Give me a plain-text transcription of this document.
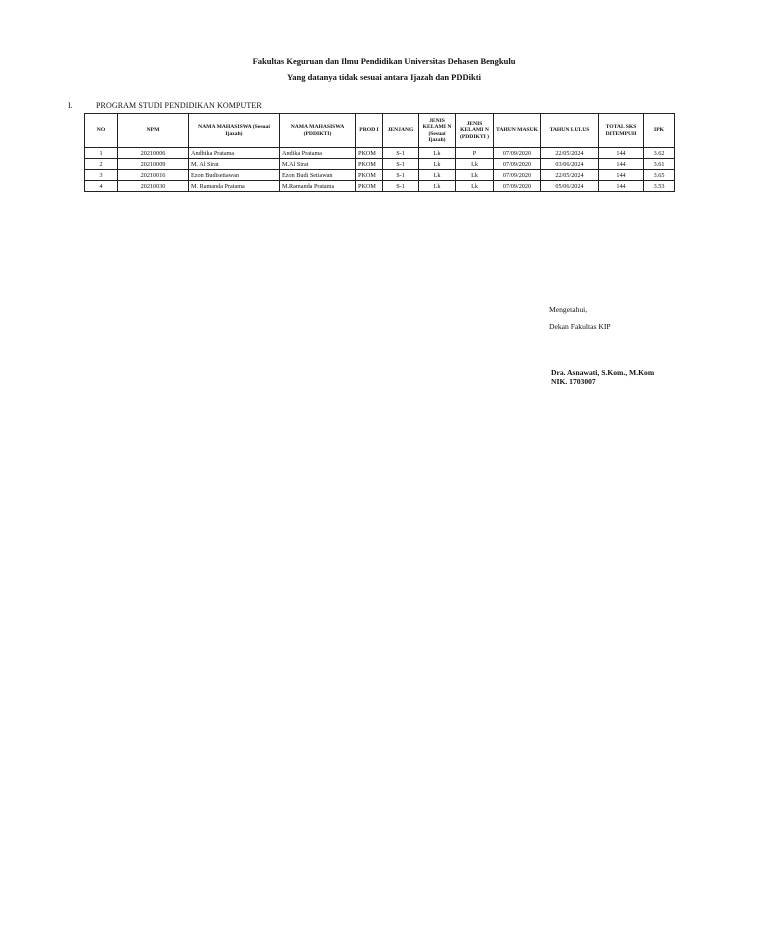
Fakultas Keguruan dan Ilmu Pendidikan Universitas Dehasen Bengkulu
Yang datanya tidak sesuai antara Ijazah dan PDDikti
I.	PROGRAM STUDI PENDIDIKAN KOMPUTER
NO	NPM	NAMA MAHASISWA (Sesuai Ijazah)	NAMA MAHASISWA (PDDIKTI)	PROD I	JENJANG	JENIS KELAMI N (Sesuai Ijazah)	JENIS KELAMI N (PDDIKTI )	TAHUN MASUK	TAHUN LULUS	TOTAL SKS DITEMPUH	IPK
1	20210006	Andhika Pratama	Andika Pratama	PKOM	S-1	Lk	P	07/09/2020	22/05/2024	144	3.62
2	20210009	M. Al Sirat	M.Al Sirat	PKOM	S-1	Lk	Lk	07/09/2020	03/06/2024	144	3.61
3	20210016	Ezon Budisetiawan	Ezon Budi Setiawan	PKOM	S-1	Lk	Lk	07/09/2020	22/05/2024	144	3.65
4	20210030	M. Ramanda Pratama	M.Ramanda Pratama	PKOM	S-1	Lk	Lk	07/09/2020	05/06/2024	144	3.53
Mengetahui,
Dekan Fakultas KIP
Dra. Asnawati, S.Kom., M.Kom
NIK. 1703007
